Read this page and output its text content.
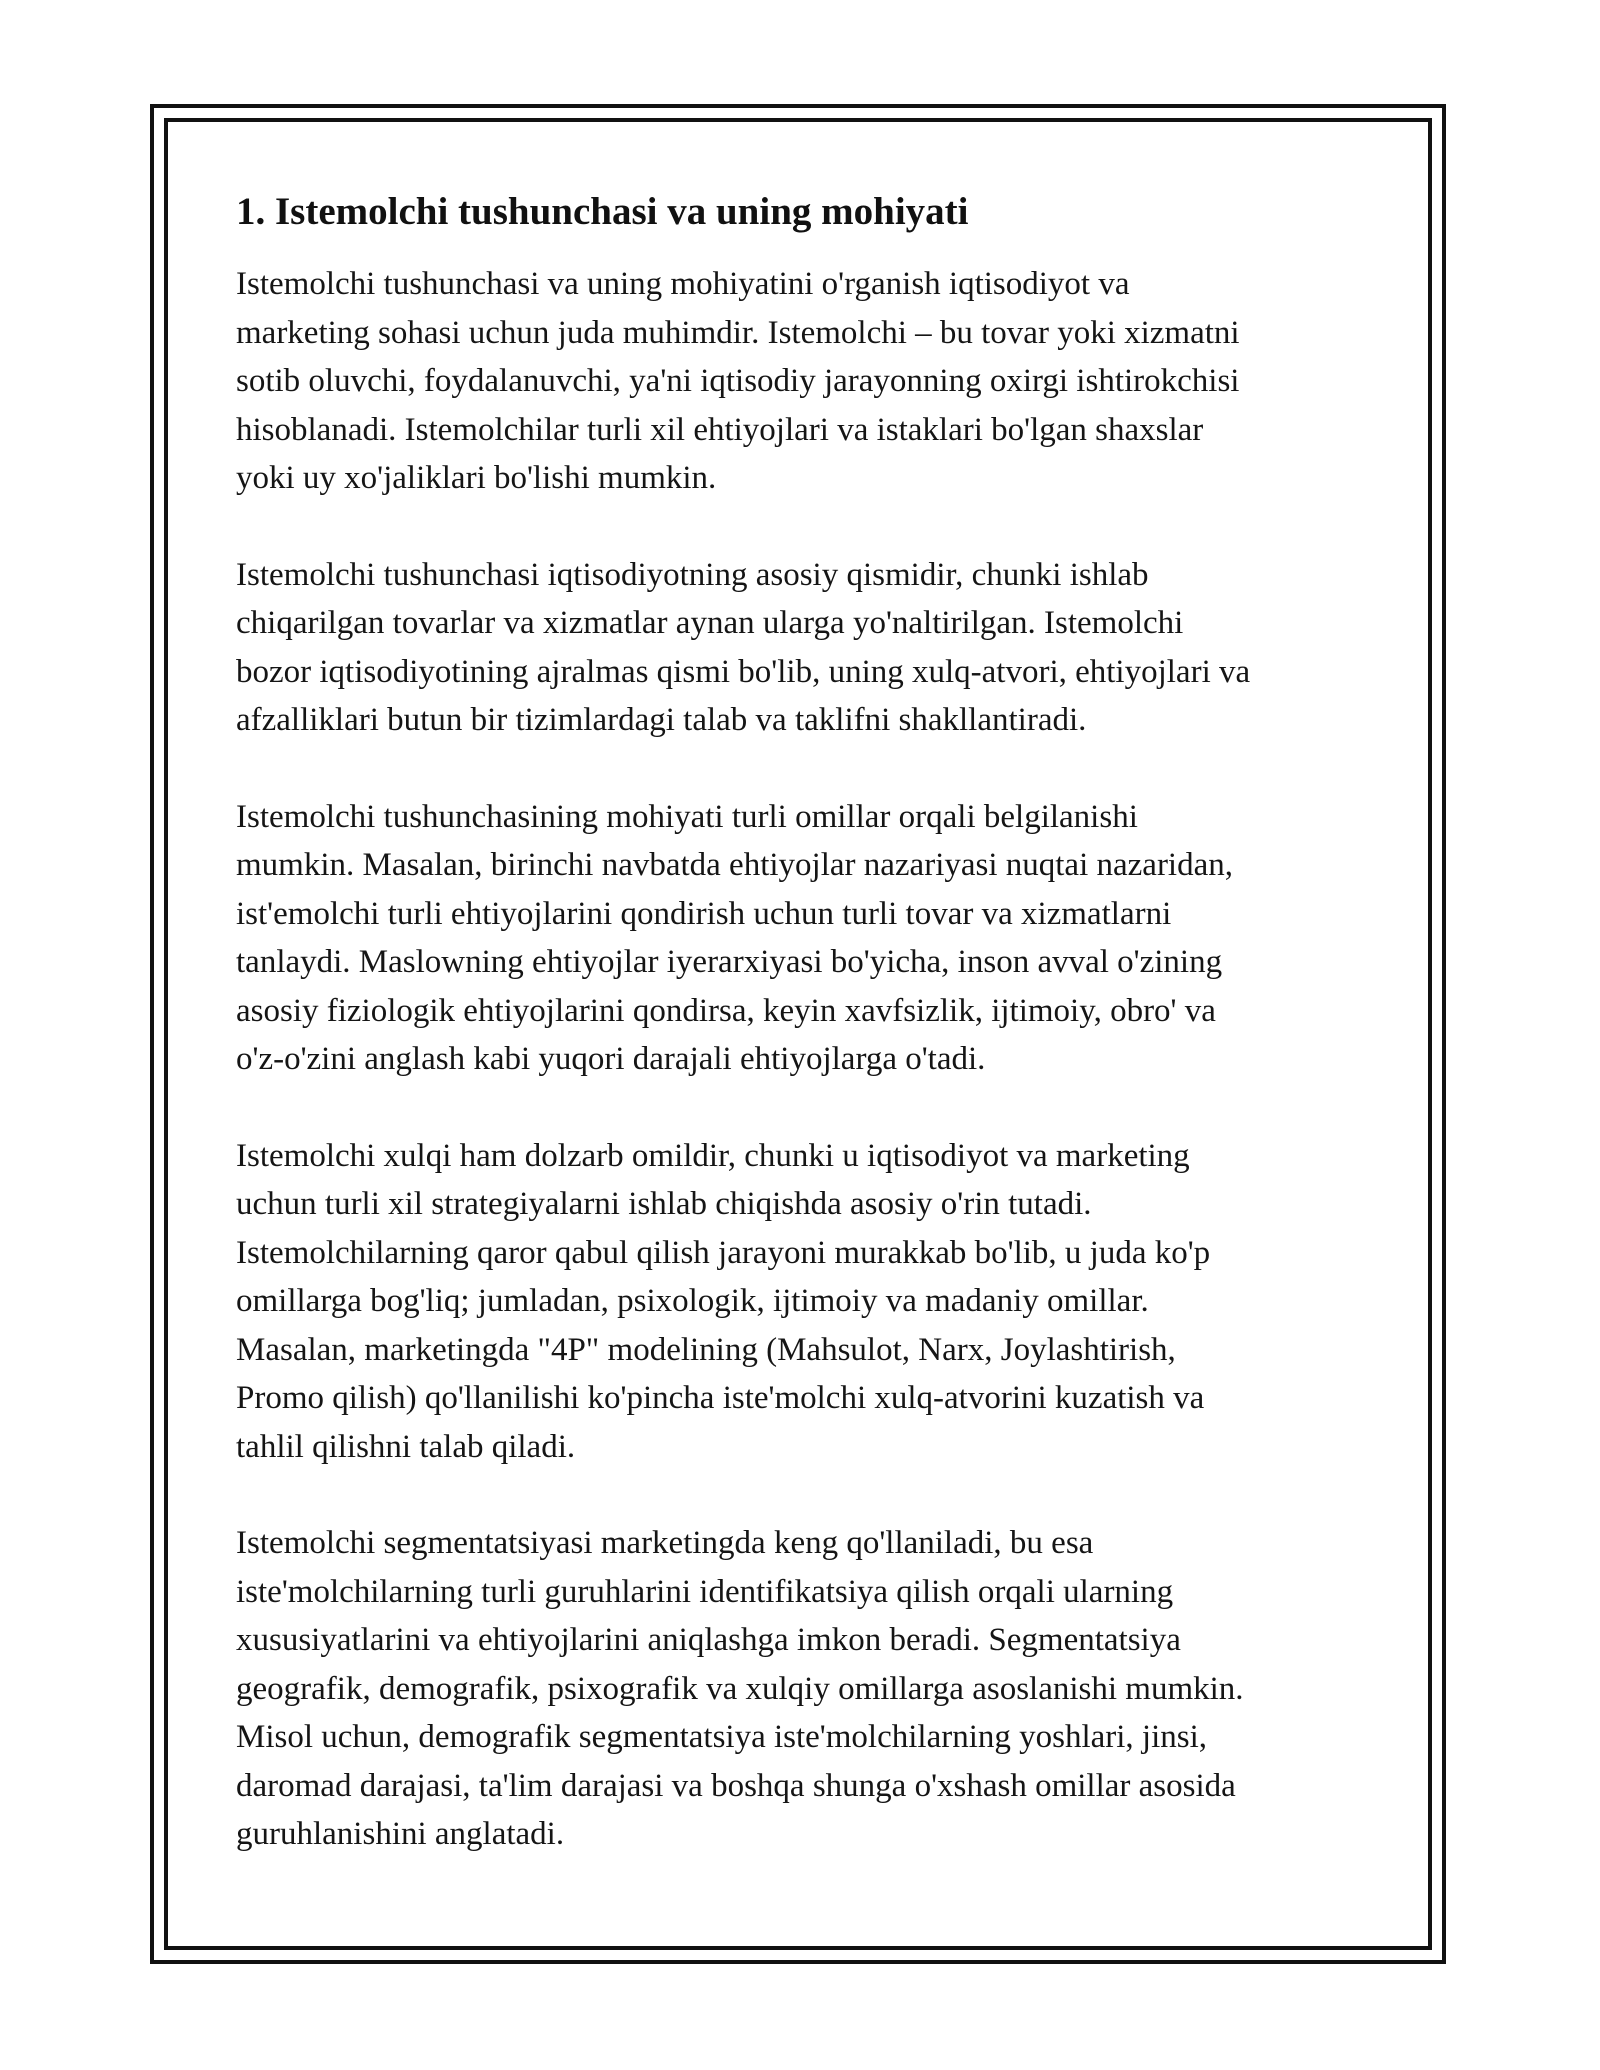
1. Istemolchi tushunchasi va uning mohiyati

Istemolchi tushunchasi va uning mohiyatini o'rganish iqtisodiyot va
marketing sohasi uchun juda muhimdir. Istemolchi – bu tovar yoki xizmatni
sotib oluvchi, foydalanuvchi, ya'ni iqtisodiy jarayonning oxirgi ishtirokchisi
hisoblanadi. Istemolchilar turli xil ehtiyojlari va istaklari bo'lgan shaxslar
yoki uy xo'jaliklari bo'lishi mumkin.

Istemolchi tushunchasi iqtisodiyotning asosiy qismidir, chunki ishlab
chiqarilgan tovarlar va xizmatlar aynan ularga yo'naltirilgan. Istemolchi
bozor iqtisodiyotining ajralmas qismi bo'lib, uning xulq-atvori, ehtiyojlari va
afzalliklari butun bir tizimlardagi talab va taklifni shakllantiradi.

Istemolchi tushunchasining mohiyati turli omillar orqali belgilanishi
mumkin. Masalan, birinchi navbatda ehtiyojlar nazariyasi nuqtai nazaridan,
ist'emolchi turli ehtiyojlarini qondirish uchun turli tovar va xizmatlarni
tanlaydi. Maslowning ehtiyojlar iyerarxiyasi bo'yicha, inson avval o'zining
asosiy fiziologik ehtiyojlarini qondirsa, keyin xavfsizlik, ijtimoiy, obro' va
o'z-o'zini anglash kabi yuqori darajali ehtiyojlarga o'tadi.

Istemolchi xulqi ham dolzarb omildir, chunki u iqtisodiyot va marketing
uchun turli xil strategiyalarni ishlab chiqishda asosiy o'rin tutadi.
Istemolchilarning qaror qabul qilish jarayoni murakkab bo'lib, u juda ko'p
omillarga bog'liq; jumladan, psixologik, ijtimoiy va madaniy omillar.
Masalan, marketingda "4P" modelining (Mahsulot, Narx, Joylashtirish,
Promo qilish) qo'llanilishi ko'pincha iste'molchi xulq-atvorini kuzatish va
tahlil qilishni talab qiladi.

Istemolchi segmentatsiyasi marketingda keng qo'llaniladi, bu esa
iste'molchilarning turli guruhlarini identifikatsiya qilish orqali ularning
xususiyatlarini va ehtiyojlarini aniqlashga imkon beradi. Segmentatsiya
geografik, demografik, psixografik va xulqiy omillarga asoslanishi mumkin.
Misol uchun, demografik segmentatsiya iste'molchilarning yoshlari, jinsi,
daromad darajasi, ta'lim darajasi va boshqa shunga o'xshash omillar asosida
guruhlanishini anglatadi.
